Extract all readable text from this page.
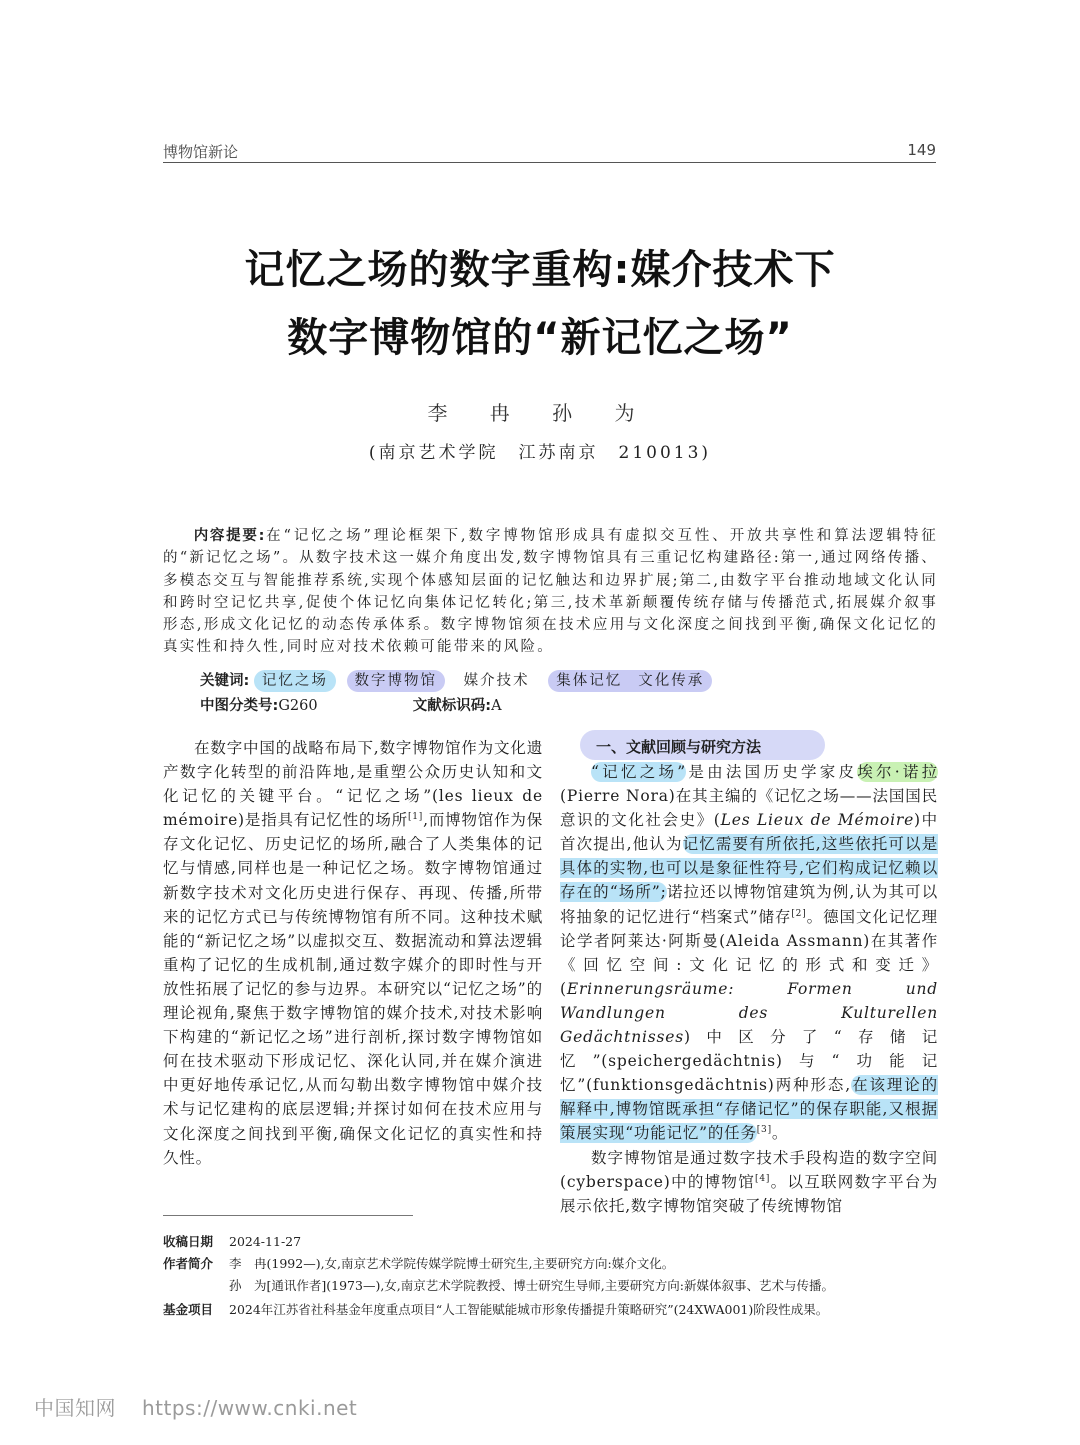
博物馆新论	149
记忆之场的数字重构:媒介技术下
数字博物馆的“新记忆之场”
李 冉 孙 为
(南京艺术学院　江苏南京　210013)
内容提要:在“记忆之场”理论框架下,数字博物馆形成具有虚拟交互性、开放共享性和算法逻辑特征的“新记忆之场”。从数字技术这一媒介角度出发,数字博物馆具有三重记忆构建路径:第一,通过网络传播、多模态交互与智能推荐系统,实现个体感知层面的记忆触达和边界扩展;第二,由数字平台推动地域文化认同和跨时空记忆共享,促使个体记忆向集体记忆转化;第三,技术革新颠覆传统存储与传播范式,拓展媒介叙事形态,形成文化记忆的动态传承体系。数字博物馆须在技术应用与文化深度之间找到平衡,确保文化记忆的真实性和持久性,同时应对技术依赖可能带来的风险。
关键词: 记忆之场 数字博物馆 媒介技术 集体记忆 文化传承
中图分类号:G260	文献标识码:A

在数字中国的战略布局下,数字博物馆作为文化遗产数字化转型的前沿阵地,是重塑公众历史认知和文化记忆的关键平台。“记忆之场”(les lieux de mémoire)是指具有记忆性的场所[1],而博物馆作为保存文化记忆、历史记忆的场所,融合了人类集体的记忆与情感,同样也是一种记忆之场。数字博物馆通过新数字技术对文化历史进行保存、再现、传播,所带来的记忆方式已与传统博物馆有所不同。这种技术赋能的“新记忆之场”以虚拟交互、数据流动和算法逻辑重构了记忆的生成机制,通过数字媒介的即时性与开放性拓展了记忆的参与边界。本研究以“记忆之场”的理论视角,聚焦于数字博物馆的媒介技术,对技术影响下构建的“新记忆之场”进行剖析,探讨数字博物馆如何在技术驱动下形成记忆、深化认同,并在媒介演进中更好地传承记忆,从而勾勒出数字博物馆中媒介技术与记忆建构的底层逻辑;并探讨如何在技术应用与文化深度之间找到平衡,确保文化记忆的真实性和持久性。

一、文献回顾与研究方法

“记忆之场”是由法国历史学家皮埃尔·诺拉(Pierre Nora)在其主编的《记忆之场——法国国民意识的文化社会史》(Les Lieux de Mémoire)中首次提出,他认为记忆需要有所依托,这些依托可以是具体的实物,也可以是象征性符号,它们构成记忆赖以存在的“场所”;诺拉还以博物馆建筑为例,认为其可以将抽象的记忆进行“档案式”储存[2]。德国文化记忆理论学者阿莱达·阿斯曼(Aleida Assmann)在其著作《回忆空间:文化记忆的形式和变迁》(Erinnerungsräume: Formen und Wandlungen des Kulturellen Gedächtnisses)中区分了“存储记忆”(speichergedächtnis)与“功能记忆”(funktionsgedächtnis)两种形态,在该理论的解释中,博物馆既承担“存储记忆”的保存职能,又根据策展实现“功能记忆”的任务[3]。

数字博物馆是通过数字技术手段构造的数字空间(cyberspace)中的博物馆[4]。以互联网数字平台为展示依托,数字博物馆突破了传统博物馆

收稿日期 2024-11-27
作者简介 李　冉(1992—),女,南京艺术学院传媒学院博士研究生,主要研究方向:媒介文化。
孙　为[通讯作者](1973—),女,南京艺术学院教授、博士研究生导师,主要研究方向:新媒体叙事、艺术与传播。
基金项目 2024年江苏省社科基金年度重点项目“人工智能赋能城市形象传播提升策略研究”(24XWA001)阶段性成果。
中国知网 https://www.cnki.net
